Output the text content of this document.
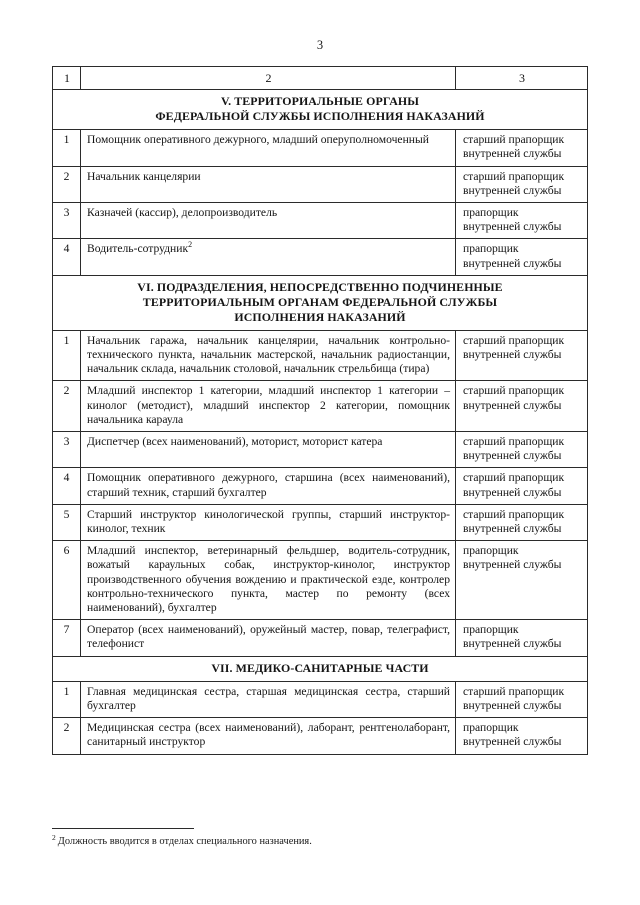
3
1	2	3
V. ТЕРРИТОРИАЛЬНЫЕ ОРГАНЫ
ФЕДЕРАЛЬНОЙ СЛУЖБЫ ИСПОЛНЕНИЯ НАКАЗАНИЙ		
1	Помощник оперативного дежурного, младший оперуполномоченный	старший прапорщик
внутренней службы
2	Начальник канцелярии	старший прапорщик
внутренней службы
3	Казначей (кассир), делопроизводитель	прапорщик
внутренней службы
4	Водитель-сотрудник$^2$	прапорщик
внутренней службы
VI. ПОДРАЗДЕЛЕНИЯ, НЕПОСРЕДСТВЕННО ПОДЧИНЕННЫЕ
ТЕРРИТОРИАЛЬНЫМ ОРГАНАМ ФЕДЕРАЛЬНОЙ СЛУЖБЫ
ИСПОЛНЕНИЯ НАКАЗАНИЙ		
1	Начальник гаража, начальник канцелярии, начальник контрольно-технического пункта, начальник мастерской, начальник радиостанции, начальник склада, начальник столовой, начальник стрельбища (тира)	старший прапорщик
внутренней службы
2	Младший инспектор 1 категории, младший инспектор 1 категории – кинолог (методист), младший инспектор 2 категории, помощник начальника караула	старший прапорщик
внутренней службы
3	Диспетчер (всех наименований), моторист, моторист катера	старший прапорщик
внутренней службы
4	Помощник оперативного дежурного, старшина (всех наименований), старший техник, старший бухгалтер	старший прапорщик
внутренней службы
5	Старший инструктор кинологической группы, старший инструктор-кинолог, техник	старший прапорщик
внутренней службы
6	Младший инспектор, ветеринарный фельдшер, водитель-сотрудник, вожатый караульных собак, инструктор-кинолог, инструктор производственного обучения вождению и практической езде, контролер контрольно-технического пункта, мастер по ремонту (всех наименований), бухгалтер	прапорщик
внутренней службы
7	Оператор (всех наименований), оружейный мастер, повар, телеграфист, телефонист	прапорщик
внутренней службы
VII. МЕДИКО-САНИТАРНЫЕ ЧАСТИ		
1	Главная медицинская сестра, старшая медицинская сестра, старший бухгалтер	старший прапорщик
внутренней службы
2	Медицинская сестра (всех наименований), лаборант, рентгенолаборант, санитарный инструктор	прапорщик
внутренней службы
$^2$ Должность вводится в отделах специального назначения.
